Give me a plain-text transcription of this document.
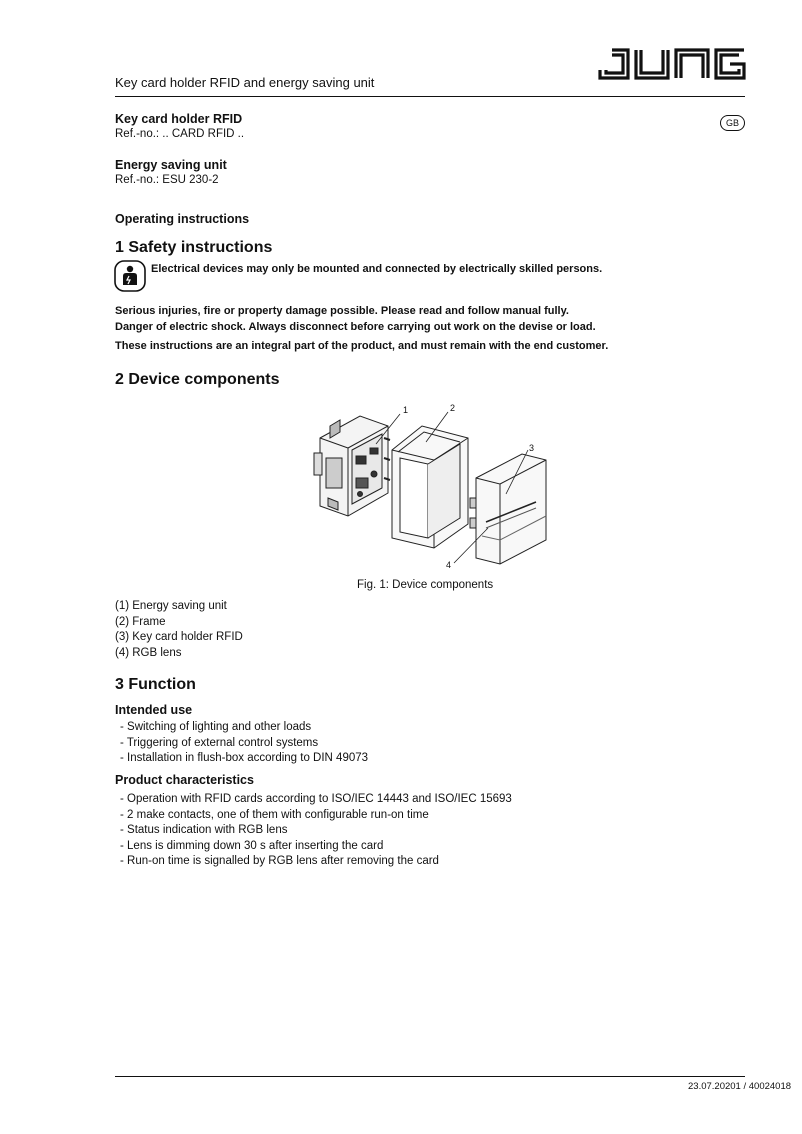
Key card holder RFID and energy saving unit
GB
Key card holder RFID
Ref.-no.: .. CARD RFID ..
Energy saving unit
Ref.-no.: ESU 230-2
Operating instructions
1 Safety instructions
Electrical devices may only be mounted and connected by electrically skilled persons.
Serious injuries, fire or property damage possible. Please read and follow manual fully.
Danger of electric shock. Always disconnect before carrying out work on the devise or load.
These instructions are an integral part of the product, and must remain with the end customer.
2 Device components
1	2
3
4
Fig. 1: Device components
(1) Energy saving unit
(2) Frame
(3) Key card holder RFID
(4) RGB lens
3 Function
Intended use
- Switching of lighting and other loads
- Triggering of external control systems
- Installation in flush-box according to DIN 49073
Product characteristics
- Operation with RFID cards according to ISO/IEC 14443 and ISO/IEC 15693
- 2 make contacts, one of them with configurable run-on time
- Status indication with RGB lens
- Lens is dimming down 30 s after inserting the card
- Run-on time is signalled by RGB lens after removing the card
23.07.20201 / 40024018
